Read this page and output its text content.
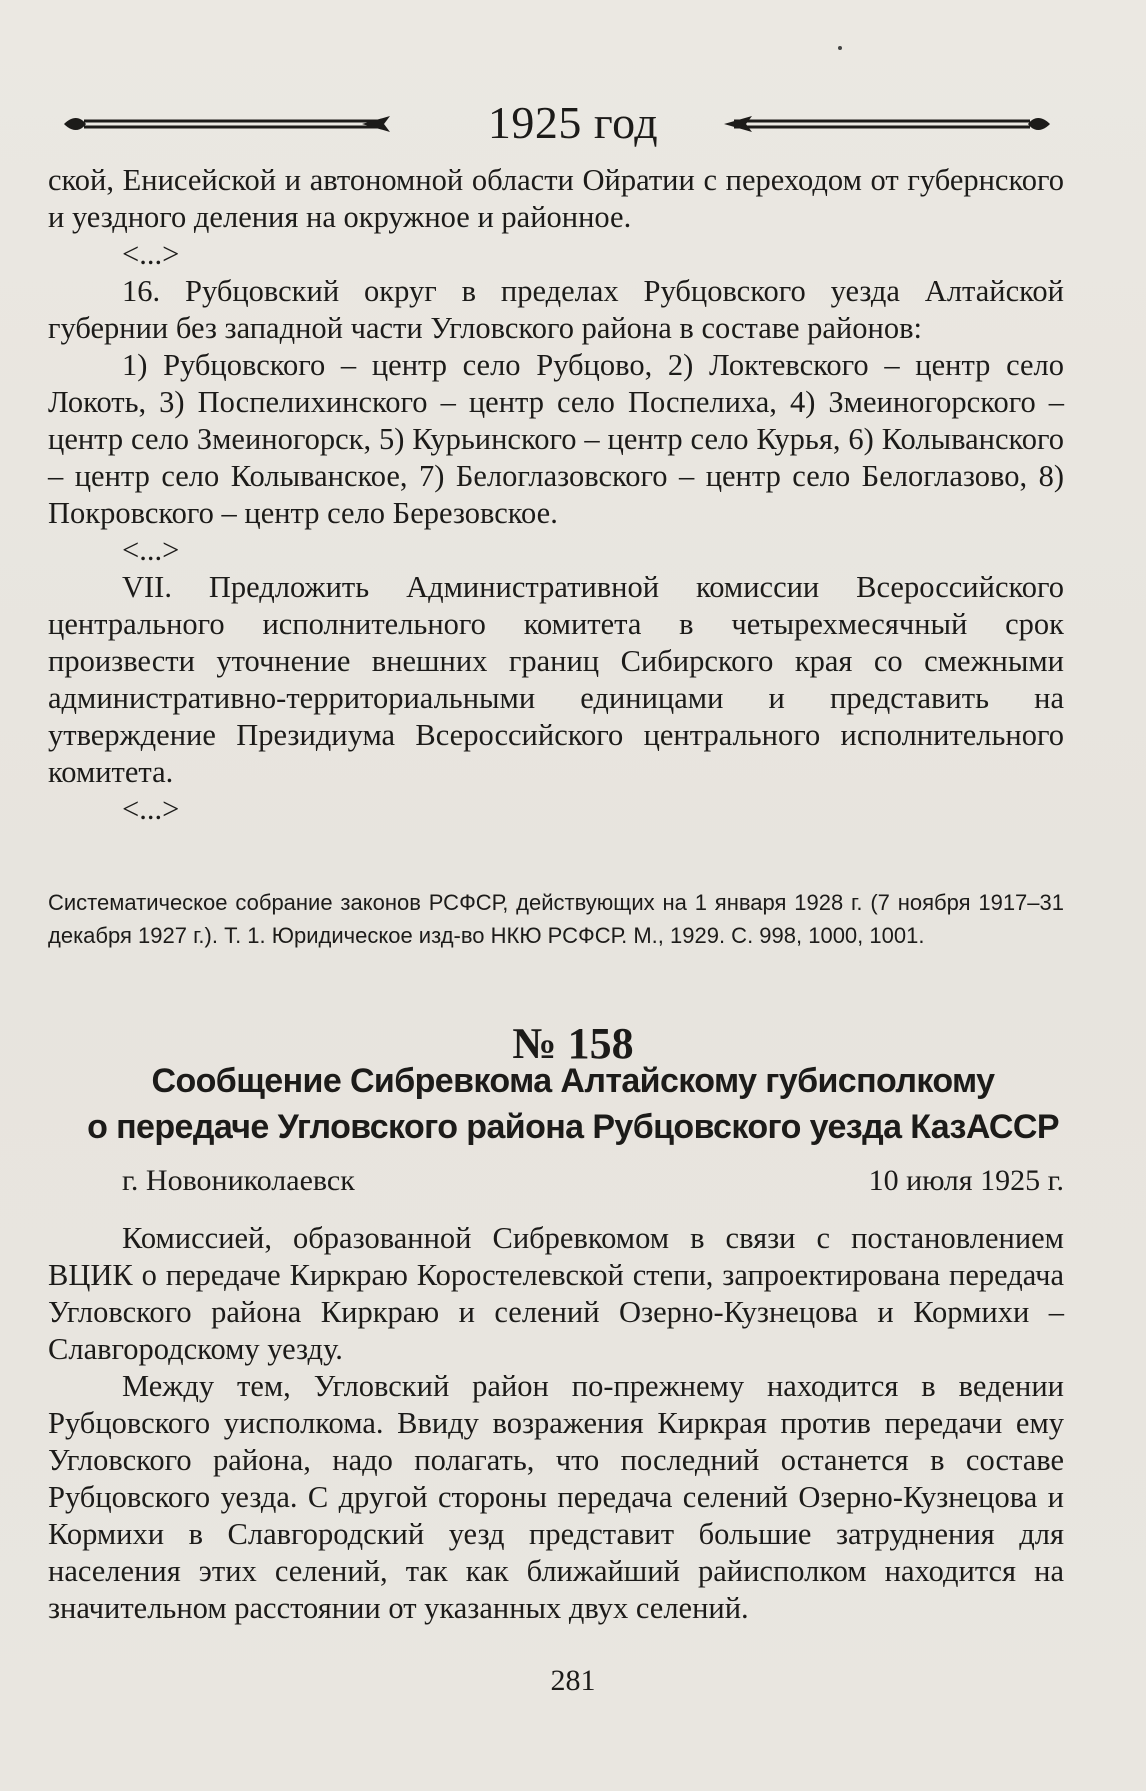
1925 год

ской, Енисейской и автономной области Ойратии с переходом от губернского и уездного деления на окружное и районное.

<...>

16. Рубцовский округ в пределах Рубцовского уезда Алтайской губернии без западной части Угловского района в составе районов:

1) Рубцовского – центр село Рубцово, 2) Локтевского – центр село Локоть, 3) Поспелихинского – центр село Поспелиха, 4) Змеиногорского – центр село Змеиногорск, 5) Курьинского – центр село Курья, 6) Колыванского – центр село Колыванское, 7) Белоглазовского – центр село Белоглазово, 8) Покровского – центр село Березовское.

<...>

VII. Предложить Административной комиссии Всероссийского центрального исполнительного комитета в четырехмесячный срок произвести уточнение внешних границ Сибирского края со смежными административно-территориальными единицами и представить на утверждение Президиума Всероссийского центрального исполнительного комитета.

<...>

Систематическое собрание законов РСФСР, действующих на 1 января 1928 г. (7 ноября 1917–31 декабря 1927 г.). Т. 1. Юридическое изд-во НКЮ РСФСР. М., 1929. С. 998, 1000, 1001.
№ 158
Сообщение Сибревкома Алтайскому губисполкому
о передаче Угловского района Рубцовского уезда КазАССР
г. Новониколаевск	10 июля 1925 г.

Комиссией, образованной Сибревкомом в связи с постановлением ВЦИК о передаче Киркраю Коростелевской степи, запроектирована передача Угловского района Киркраю и селений Озерно-Кузнецова и Кормихи – Славгородскому уезду.

Между тем, Угловский район по-прежнему находится в ведении Рубцовского уисполкома. Ввиду возражения Киркрая против передачи ему Угловского района, надо полагать, что последний останется в составе Рубцовского уезда. С другой стороны передача селений Озерно-Кузнецова и Кормихи в Славгородский уезд представит большие затруднения для населения этих селений, так как ближайший райисполком находится на значительном расстоянии от указанных двух селений.

281
